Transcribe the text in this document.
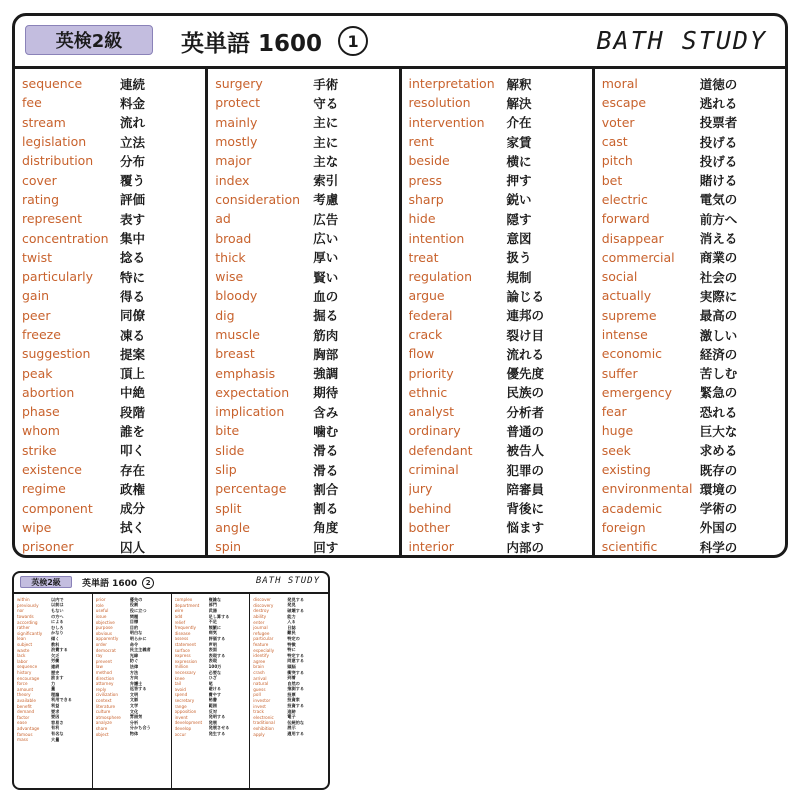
英検2級	英単語 1600	1	BATH STUDY
sequence	連続
fee	料金
stream	流れ
legislation	立法
distribution	分布
cover	覆う
rating	評価
represent	表す
concentration 集中
twist	捻る
particularly	特に
gain	得る
peer	同僚
freeze	凍る
suggestion	提案
peak	頂上
abortion	中絶
phase	段階
whom	誰を
strike	叩く
existence	存在
regime	政権
component	成分
wipe	拭く
prisoner	囚人
surgery	手術
protect	守る
mainly	主に
mostly	主に
major	主な
index	索引
consideration	考慮
ad	広告
broad	広い
thick	厚い
wise	賢い
bloody	血の
dig	掘る
muscle	筋肉
breast	胸部
emphasis	強調
expectation	期待
implication	含み
bite	噛む
slide	滑る
slip	滑る
percentage	割合
split	割る
angle	角度
spin	回す
interpretation 解釈
resolution	解決
intervention	介在
rent	家賃
beside	横に
press	押す
sharp	鋭い
hide	隠す
intention	意図
treat	扱う
regulation	規制
argue	論じる
federal	連邦の
crack	裂け目
flow	流れる
priority	優先度
ethnic	民族の
analyst	分析者
ordinary	普通の
defendant	被告人
criminal	犯罪の
jury	陪審員
behind	背後に
bother	悩ます
interior	内部の
moral	道徳の
escape	逃れる
voter	投票者
cast	投げる
pitch	投げる
bet	賭ける
electric	電気の
forward	前方へ
disappear	消える
commercial	商業の
social	社会の
actually	実際に
supreme	最高の
intense	激しい
economic	経済の
suffer	苦しむ
emergency	緊急の
fear	恐れる
huge	巨大な
seek	求める
existing	既存の
environmental 環境の
academic	学術の
foreign	外国の
scientific	科学の
英検2級	英単語 1600	2	BATH STUDY
within	以内で
previously	以前は
nor	もない
towards	の方へ
according	による
rather	むしろ
significantly	かなり
lean	傾く
subject	教科
waste	浪費する
lack	欠乏
labor	労働
sequence	連続
history	歴史
encourage	励ます
force	力
amount	量
theory	理論
available	利用できる
benefit	利益
demand	要求
factor	要因
ease	容易さ
advantage	有利
famous	有名な
mass	大量
prior	優先の
role	役割
useful	役に立つ
issue	問題
objective	目標
purpose	目的
obvious	明白な
apparently	明らかに
order	命令
democrat	民主主義者
ray	光線
prevent	防ぐ
law	法律
method	方法
direction	方向
attorney	弁護士
reply	返答する
civilization	文明
context	文脈
literature	文学
culture	文化
atmosphere	雰囲気
analyze	分析
share	分かち合う
object	物体
complex	複雑な
department	部門
wire	武器
add	足し算する
relief	不足
frequently	頻繁に
disease	病気
assess	評価する
statement	声明
surface	表面
express	表現する
expression	表現
million	100万
necessary	必要な
knee	ひざ
tail	尾
avoid	避ける
spend	費やす
secretary	秘書
range	範囲
opposition	反対
invent	発明する
development	発展
develop	発展させる
occur	発生する
discover	発見する
discovery	発見
destroy	破壊する
ability	能力
enter	入る
journal	日誌
refugee	難民
particular	特定の
feature	特徴
especially	特に
identify	特定する
agree	同意する
brain	頭脳
crash	衝突する
arrival	到着
natural	自然の
guess	推測する
poll	投票
investor	投資家
invest	投資する
track	追跡
electronic	電子
traditional	伝統的な
exhibition	展示
apply	適用する
